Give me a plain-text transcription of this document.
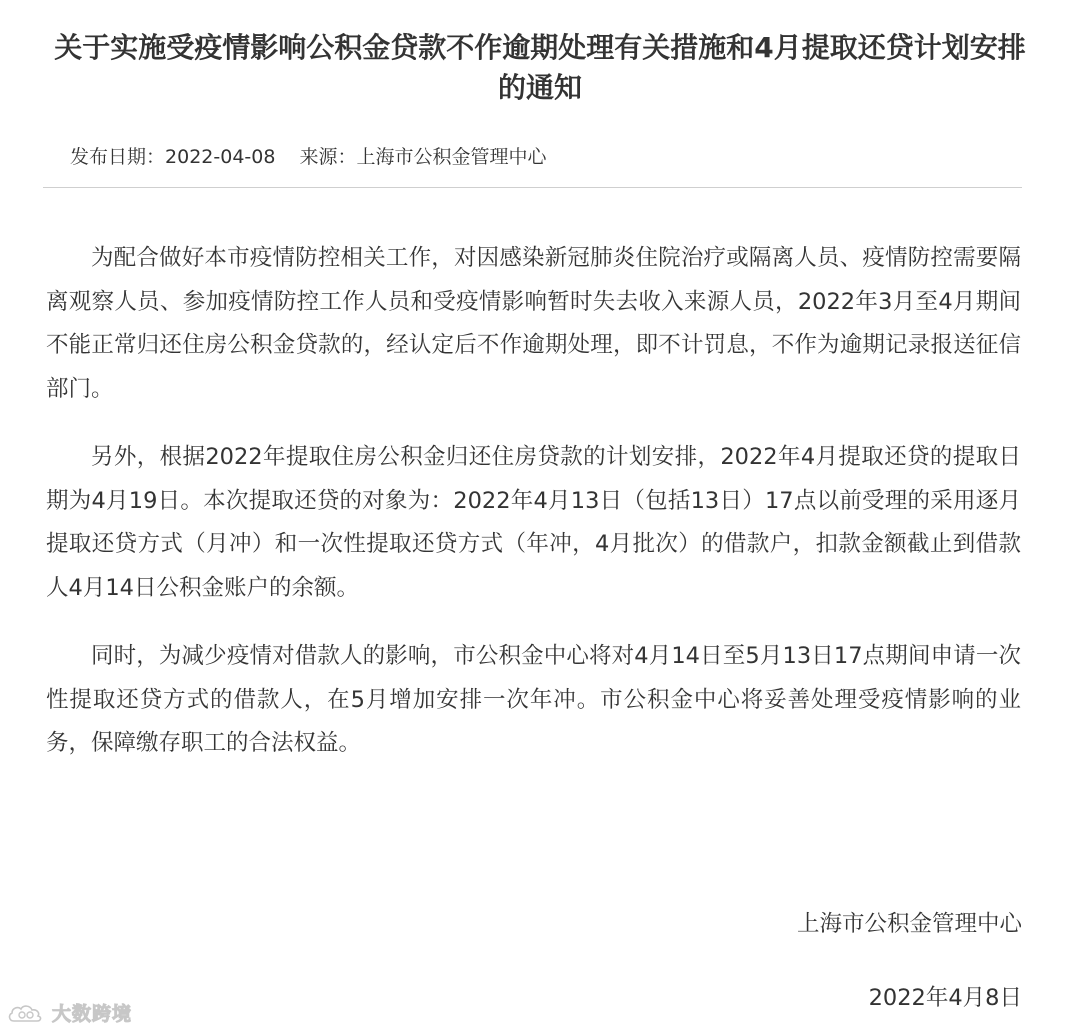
关于实施受疫情影响公积金贷款不作逾期处理有关措施和4月提取还贷计划安排的通知
发布日期：2022-04-08 来源：上海市公积金管理中心

为配合做好本市疫情防控相关工作，对因感染新冠肺炎住院治疗或隔离人员、疫情防控需要隔离观察人员、参加疫情防控工作人员和受疫情影响暂时失去收入来源人员，2022年3月至4月期间不能正常归还住房公积金贷款的，经认定后不作逾期处理，即不计罚息，不作为逾期记录报送征信部门。

另外，根据2022年提取住房公积金归还住房贷款的计划安排，2022年4月提取还贷的提取日期为4月19日。本次提取还贷的对象为：2022年4月13日（包括13日）17点以前受理的采用逐月提取还贷方式（月冲）和一次性提取还贷方式（年冲，4月批次）的借款户，扣款金额截止到借款人4月14日公积金账户的余额。

同时，为减少疫情对借款人的影响，市公积金中心将对4月14日至5月13日17点期间申请一次性提取还贷方式的借款人，在5月增加安排一次年冲。市公积金中心将妥善处理受疫情影响的业务，保障缴存职工的合法权益。

上海市公积金管理中心
2022年4月8日
大数跨境
